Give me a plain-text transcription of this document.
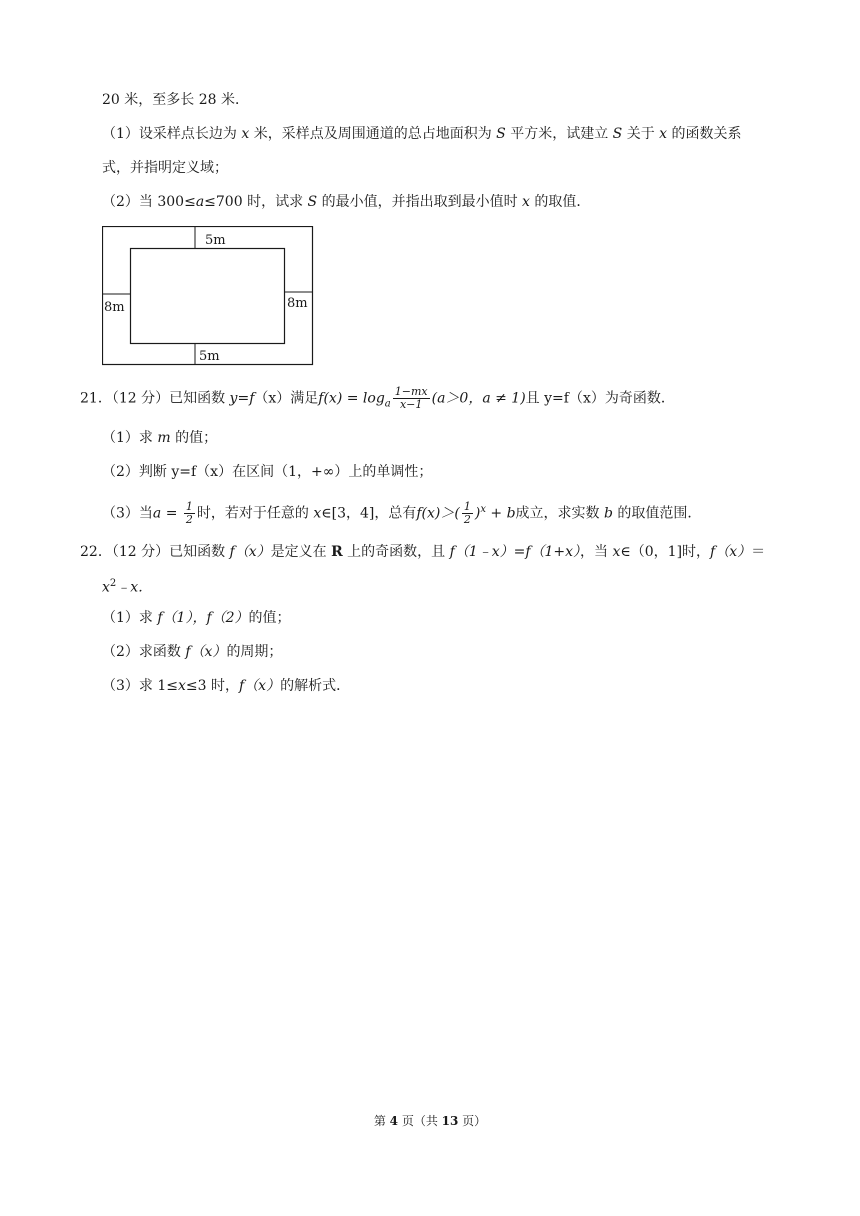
20 米，至多长 28 米．
（1）设采样点长边为 x 米，采样点及周围通道的总占地面积为 S 平方米，试建立 S 关于 x 的函数关系
式，并指明定义域；
（2）当 300≤a≤700 时，试求 S 的最小值，并指出取到最小值时 x 的取值．
5m
5m
8m	8m
21．（12 分）已知函数 y=f（x）满足$f(x) = \log_a \frac{1-mx}{x-1} (a>0$，a ≠ 1)且 y=f（x）为奇函数．
（1）求 m 的值；
（2）判断 y=f（x）在区间（1，+∞）上的单调性；
（3）当$a = \frac{1}{2}$ 时，若对于任意的 x∈[3，4]，总有$f(x)>( \frac{1}{2} )^x + b$成立，求实数 b 的取值范围．
22．（12 分）已知函数 f（x）是定义在 R 上的奇函数，且 f（1﹣x）=f（1+x），当 x∈（0，1]时，f（x）＝
$x^2﹣x$．
（1）求 f（1），f（2）的值；
（2）求函数 f（x）的周期；
（3）求 1≤x≤3 时，f（x）的解析式．
第 4 页（共 13 页）
